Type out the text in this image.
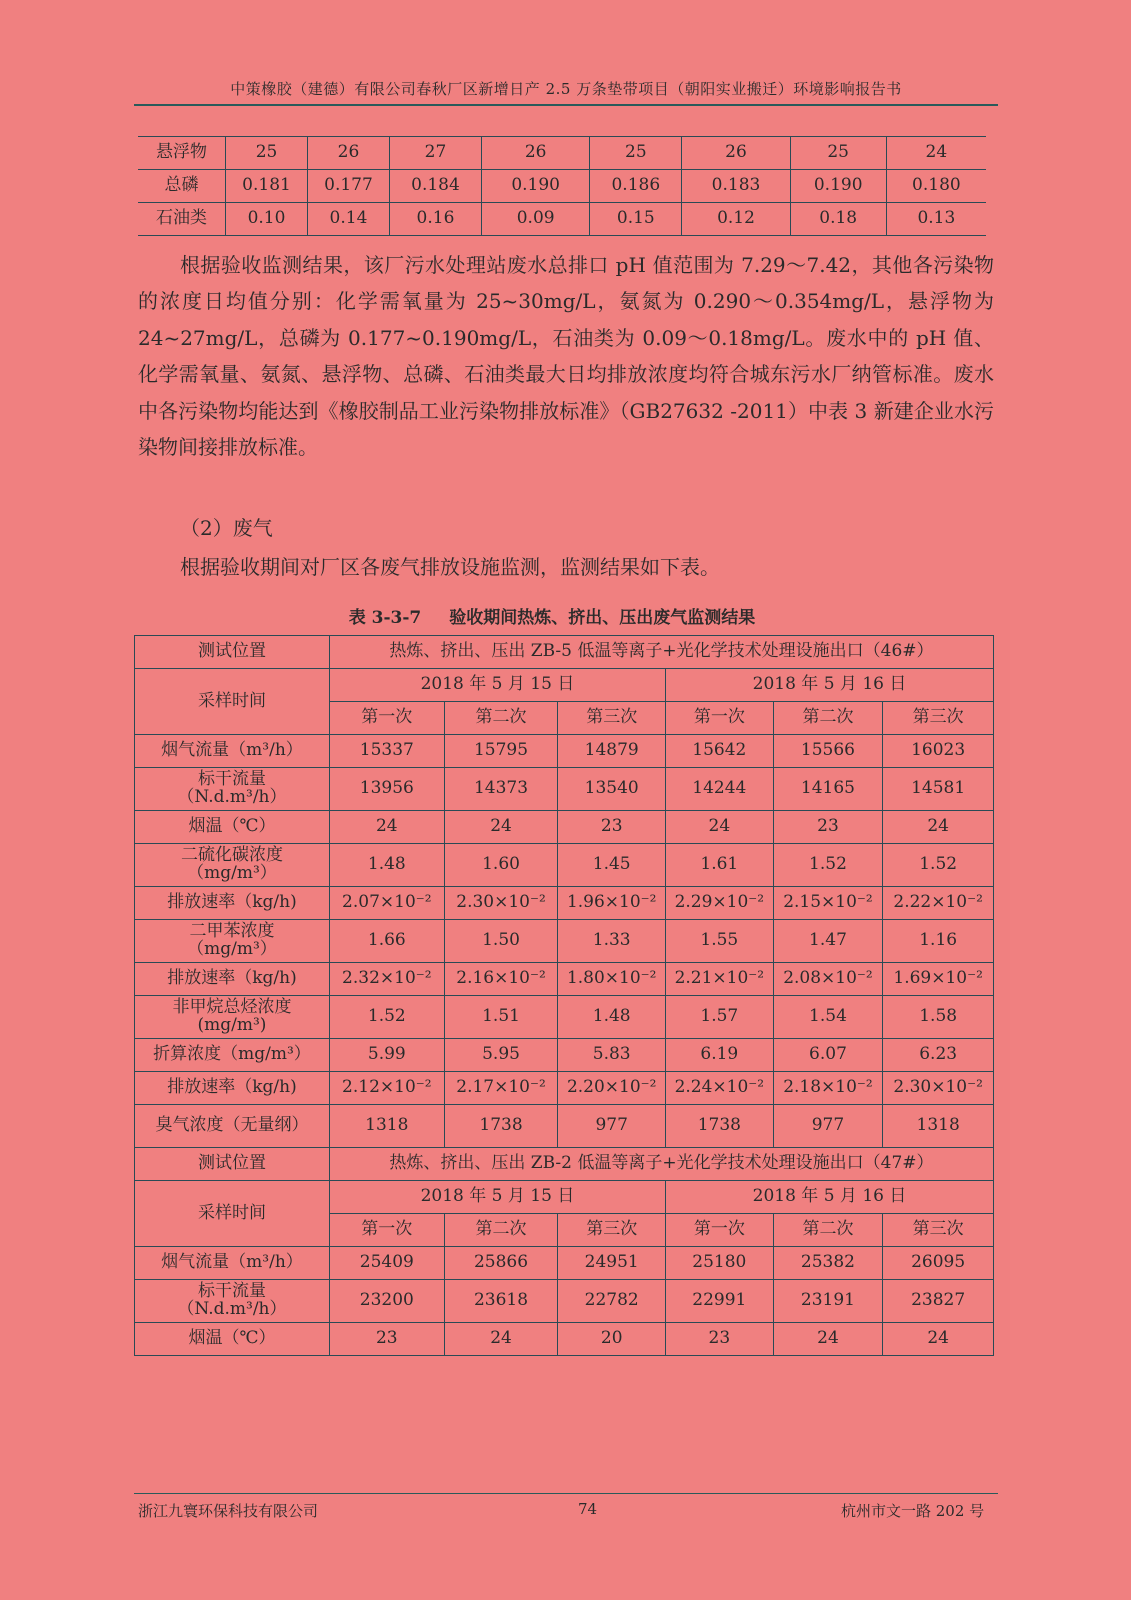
中策橡胶（建德）有限公司春秋厂区新增日产 2.5 万条垫带项目（朝阳实业搬迁）环境影响报告书
悬浮物	25	26	27	26	25	26	25	24
总磷	0.181	0.177	0.184	0.190	0.186	0.183	0.190	0.180
石油类	0.10	0.14	0.16	0.09	0.15	0.12	0.18	0.13
根据验收监测结果，该厂污水处理站废水总排口 pH 值范围为 7.29～7.42，其他各污染物的浓度日均值分别：化学需氧量为 25~30mg/L，氨氮为 0.290～0.354mg/L，悬浮物为 24~27mg/L，总磷为 0.177~0.190mg/L，石油类为 0.09～0.18mg/L。废水中的 pH 值、化学需氧量、氨氮、悬浮物、总磷、石油类最大日均排放浓度均符合城东污水厂纳管标准。废水中各污染物均能达到《橡胶制品工业污染物排放标准》（GB27632 -2011）中表 3 新建企业水污染物间接排放标准。
（2）废气
根据验收期间对厂区各废气排放设施监测，监测结果如下表。
表 3-3-7 验收期间热炼、挤出、压出废气监测结果
测试位置	热炼、挤出、压出 ZB-5 低温等离子+光化学技术处理设施出口（46#）					
采样时间	2018 年 5 月 15 日			2018 年 5 月 16 日		
	第一次	第二次	第三次	第一次	第二次	第三次
烟气流量（m³/h）	15337	15795	14879	15642	15566	16023
标干流量（N.d.m³/h）	13956	14373	13540	14244	14165	14581
烟温（℃）	24	24	23	24	23	24
二硫化碳浓度（mg/m³）	1.48	1.60	1.45	1.61	1.52	1.52
排放速率（kg/h)	2.07×10⁻²	2.30×10⁻²	1.96×10⁻²	2.29×10⁻²	2.15×10⁻²	2.22×10⁻²
二甲苯浓度（mg/m³）	1.66	1.50	1.33	1.55	1.47	1.16
排放速率（kg/h)	2.32×10⁻²	2.16×10⁻²	1.80×10⁻²	2.21×10⁻²	2.08×10⁻²	1.69×10⁻²
非甲烷总烃浓度(mg/m³)	1.52	1.51	1.48	1.57	1.54	1.58
折算浓度（mg/m³）	5.99	5.95	5.83	6.19	6.07	6.23
排放速率（kg/h)	2.12×10⁻²	2.17×10⁻²	2.20×10⁻²	2.24×10⁻²	2.18×10⁻²	2.30×10⁻²
臭气浓度（无量纲）	1318	1738	977	1738	977	1318
测试位置	热炼、挤出、压出 ZB-2 低温等离子+光化学技术处理设施出口（47#）					
采样时间	2018 年 5 月 15 日			2018 年 5 月 16 日		
	第一次	第二次	第三次	第一次	第二次	第三次
烟气流量（m³/h）	25409	25866	24951	25180	25382	26095
标干流量（N.d.m³/h）	23200	23618	22782	22991	23191	23827
烟温（℃）	23	24	20	23	24	24
浙江九寰环保科技有限公司	74	杭州市文一路 202 号
